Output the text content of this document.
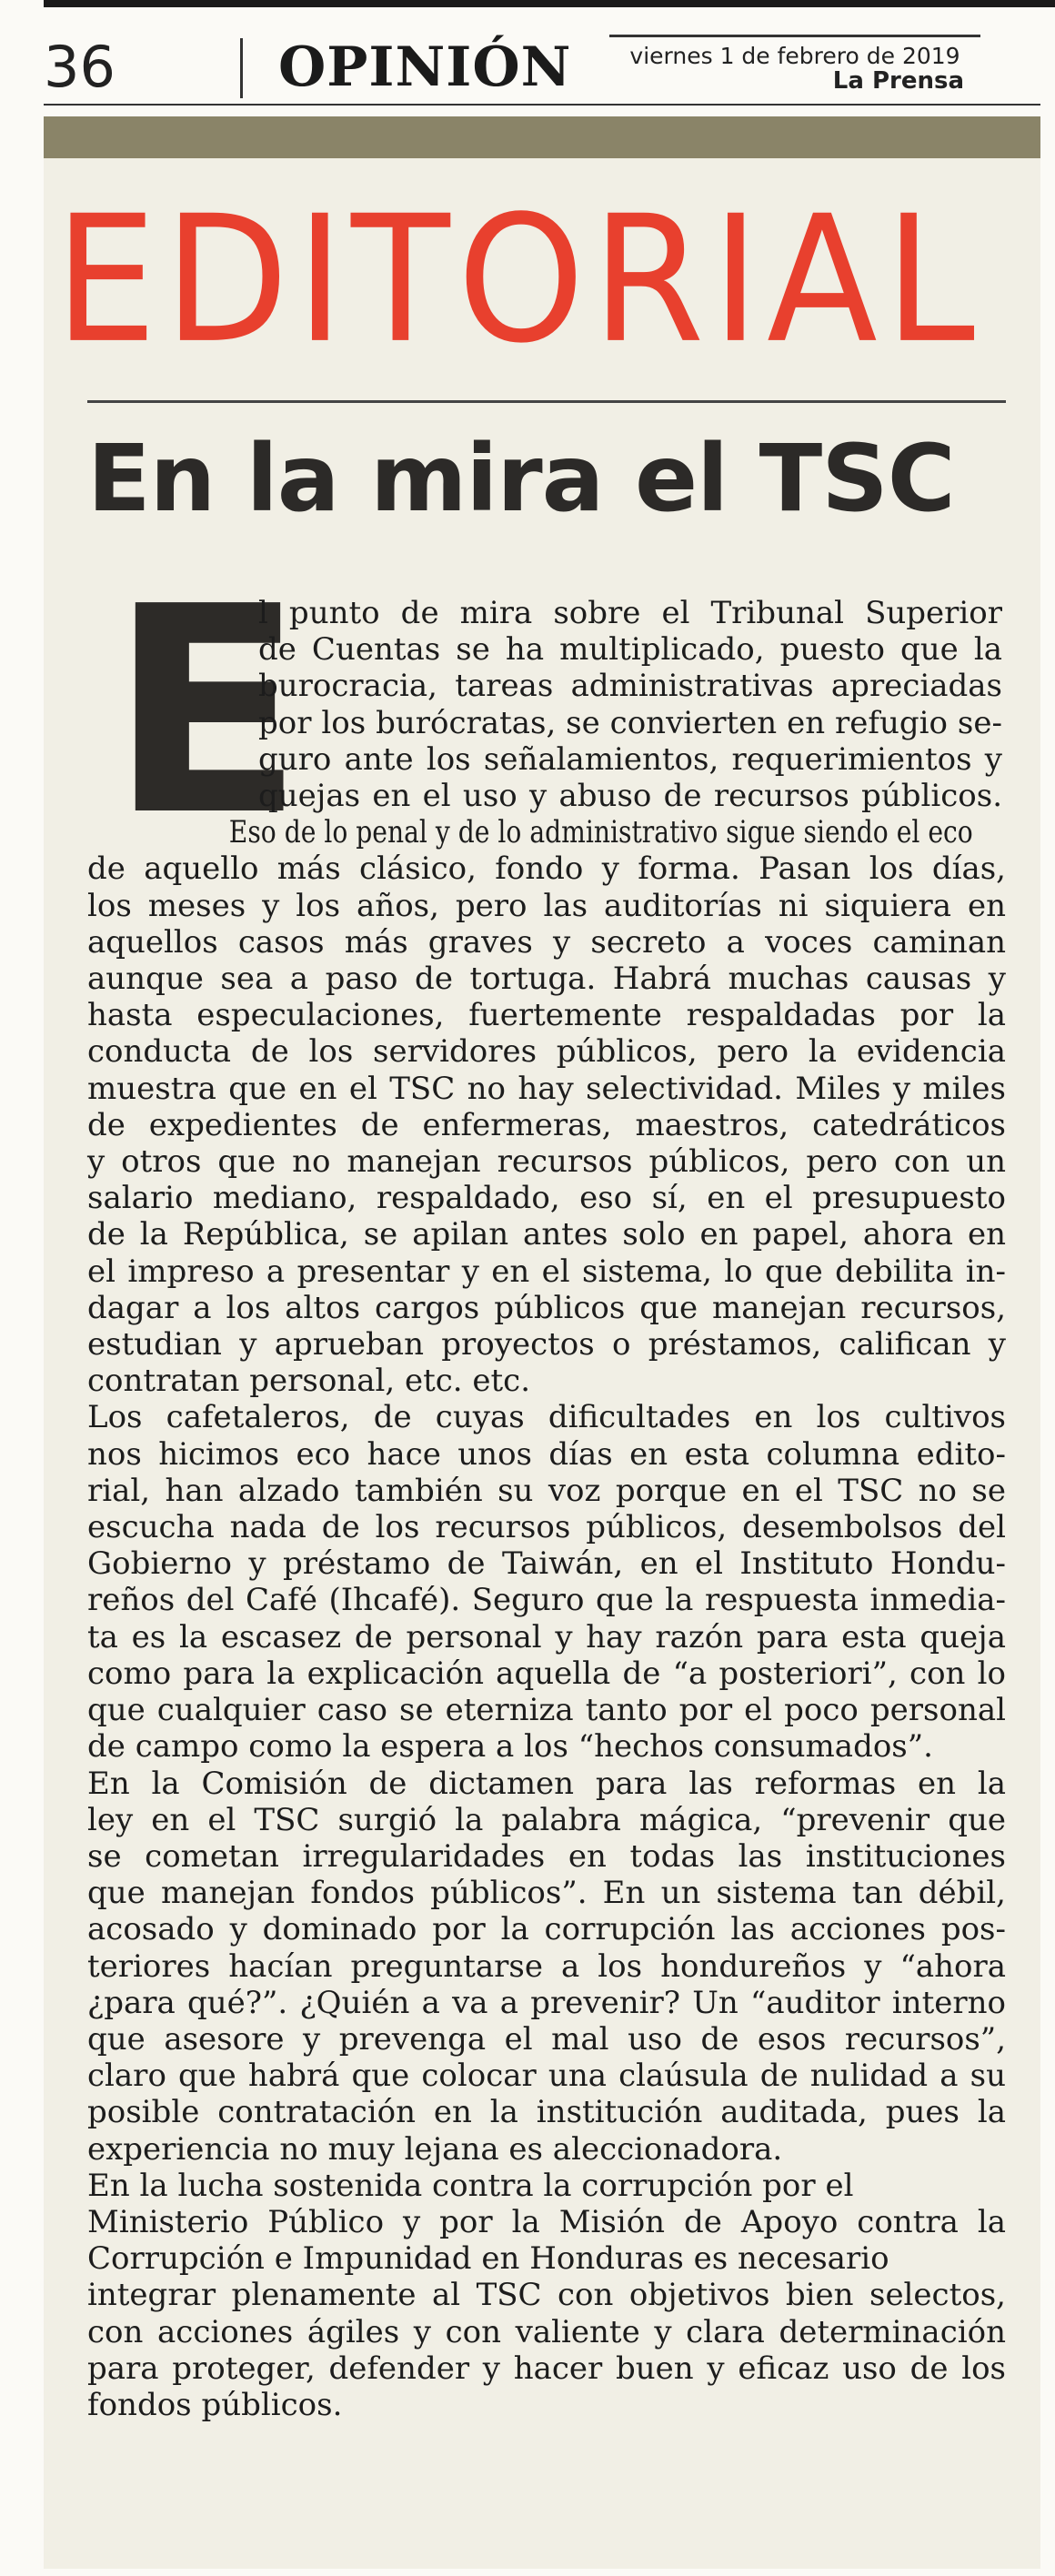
36	OPINIÓN	viernes 1 de febrero de 2019
La Prensa
EDITORIAL
En la mira el TSC
E
l punto de mira sobre el Tribunal Superior
de Cuentas se ha multiplicado, puesto que la
burocracia, tareas administrativas apreciadas
por los burócratas, se convierten en refugio se-
guro ante los señalamientos, requerimientos y
quejas en el uso y abuso de recursos públicos.
Eso de lo penal y de lo administrativo sigue siendo el eco
de aquello más clásico, fondo y forma. Pasan los días,
los meses y los años, pero las auditorías ni siquiera en
aquellos casos más graves y secreto a voces caminan
aunque sea a paso de tortuga. Habrá muchas causas y
hasta especulaciones, fuertemente respaldadas por la
conducta de los servidores públicos, pero la evidencia
muestra que en el TSC no hay selectividad. Miles y miles
de expedientes de enfermeras, maestros, catedráticos
y otros que no manejan recursos públicos, pero con un
salario mediano, respaldado, eso sí, en el presupuesto
de la República, se apilan antes solo en papel, ahora en
el impreso a presentar y en el sistema, lo que debilita in-
dagar a los altos cargos públicos que manejan recursos,
estudian y aprueban proyectos o préstamos, califican y
contratan personal, etc. etc.
Los cafetaleros, de cuyas dificultades en los cultivos
nos hicimos eco hace unos días en esta columna edito-
rial, han alzado también su voz porque en el TSC no se
escucha nada de los recursos públicos, desembolsos del
Gobierno y préstamo de Taiwán, en el Instituto Hondu-
reños del Café (Ihcafé). Seguro que la respuesta inmedia-
ta es la escasez de personal y hay razón para esta queja
como para la explicación aquella de “a posteriori”, con lo
que cualquier caso se eterniza tanto por el poco personal
de campo como la espera a los “hechos consumados”.
En la Comisión de dictamen para las reformas en la
ley en el TSC surgió la palabra mágica, “prevenir que
se cometan irregularidades en todas las instituciones
que manejan fondos públicos”. En un sistema tan débil,
acosado y dominado por la corrupción las acciones pos-
teriores hacían preguntarse a los hondureños y “ahora
¿para qué?”. ¿Quién a va a prevenir? Un “auditor interno
que asesore y prevenga el mal uso de esos recursos”,
claro que habrá que colocar una claúsula de nulidad a su
posible contratación en la institución auditada, pues la
experiencia no muy lejana es aleccionadora.
En la lucha sostenida contra la corrupción por el
Ministerio Público y por la Misión de Apoyo contra la
Corrupción e Impunidad en Honduras es necesario
integrar plenamente al TSC con objetivos bien selectos,
con acciones ágiles y con valiente y clara determinación
para proteger, defender y hacer buen y eficaz uso de los
fondos públicos.
